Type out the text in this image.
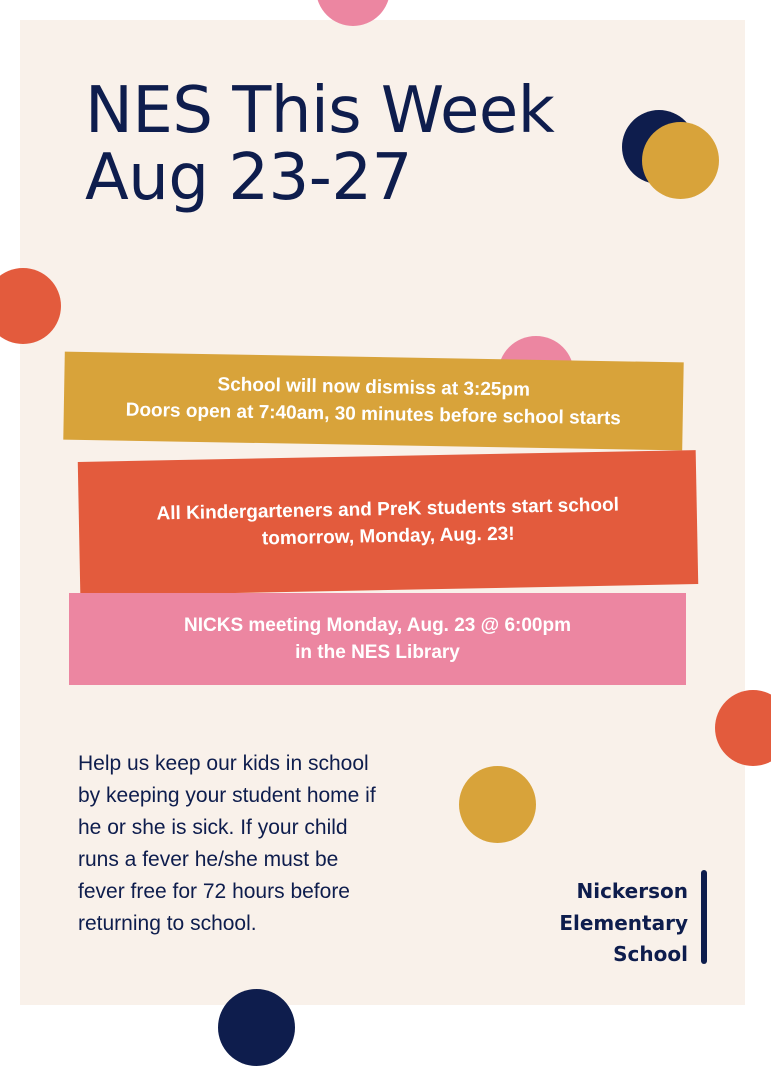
NES This Week
Aug 23-27
School will now dismiss at 3:25pm
Doors open at 7:40am, 30 minutes before school starts
All Kindergarteners and PreK students start school
tomorrow, Monday, Aug. 23!
NICKS meeting Monday, Aug. 23 @ 6:00pm
in the NES Library
Help us keep our kids in school
by keeping your student home if
he or she is sick. If your child
runs a fever he/she must be
fever free for 72 hours before
returning to school.
Nickerson
Elementary
School
